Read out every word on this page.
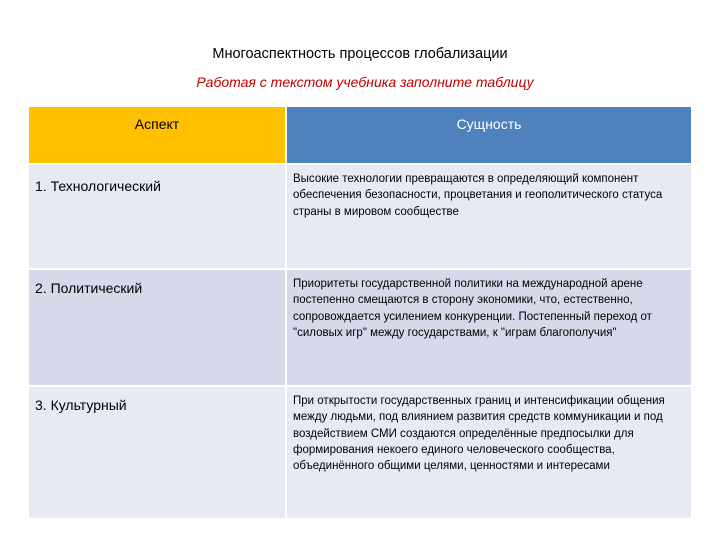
Многоаспектность процессов глобализации
Работая с текстом учебника заполните таблицу
Аспект	Сущность
1. Технологический	Высокие технологии превращаются в определяющий компонент обеспечения безопасности, процветания и геополитического статуса страны в мировом сообществе
2. Политический	Приоритеты государственной политики на международной арене постепенно смещаются в сторону экономики, что, естественно, сопровождается усилением конкуренции. Постепенный переход от "силовых игр" между государствами, к "играм благополучия"
3. Культурный	При открытости государственных границ и интенсификации общения между людьми, под влиянием развития средств коммуникации и под воздействием СМИ создаются определённые предпосылки для формирования некоего единого человеческого сообщества, объединённого общими целями, ценностями и интересами
